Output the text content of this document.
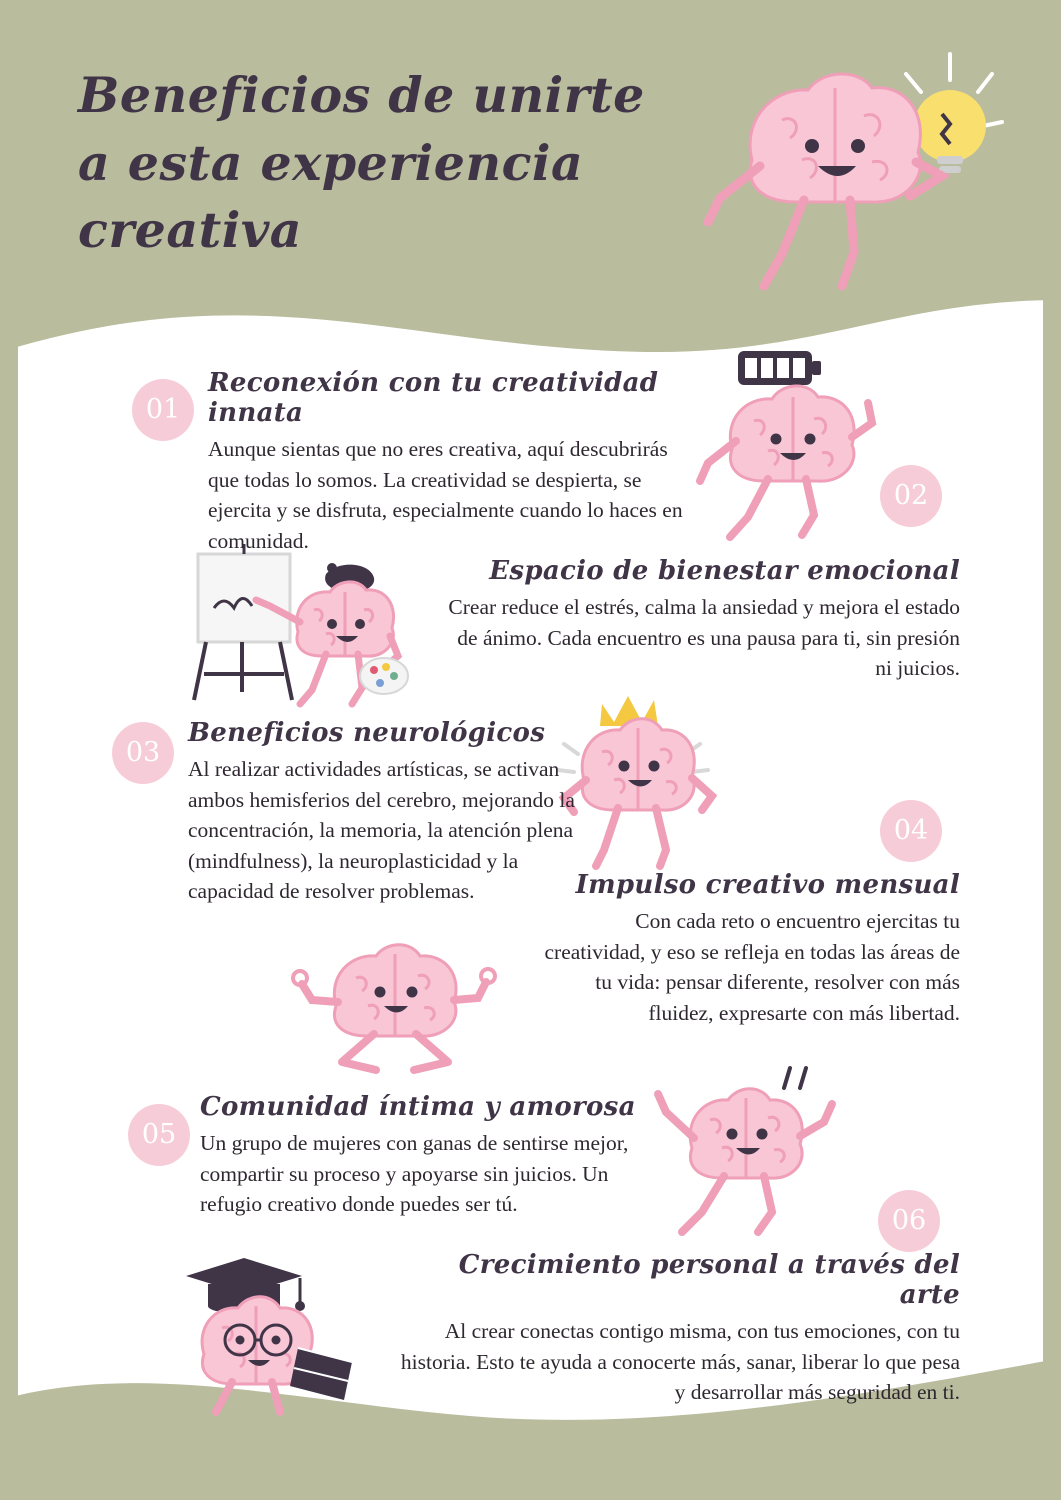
Beneficios de unirte
a esta experiencia
creativa
01
Reconexión con tu creatividad innata
Aunque sientas que no eres creativa, aquí descubrirás que todas lo somos. La creatividad se despierta, se ejercita y se disfruta, especialmente cuando lo haces en comunidad.
02
Espacio de bienestar emocional
Crear reduce el estrés, calma la ansiedad y mejora el estado de ánimo. Cada encuentro es una pausa para ti, sin presión ni juicios.
03
Beneficios neurológicos
Al realizar actividades artísticas, se activan ambos hemisferios del cerebro, mejorando la concentración, la memoria, la atención plena (mindfulness), la neuroplasticidad y la capacidad de resolver problemas.
04
Impulso creativo mensual
Con cada reto o encuentro ejercitas tu creatividad, y eso se refleja en todas las áreas de tu vida: pensar diferente, resolver con más fluidez, expresarte con más libertad.
05
Comunidad íntima y amorosa
Un grupo de mujeres con ganas de sentirse mejor, compartir su proceso y apoyarse sin juicios. Un refugio creativo donde puedes ser tú.
06
Crecimiento personal a través del arte
Al crear conectas contigo misma, con tus emociones, con tu historia. Esto te ayuda a conocerte más, sanar, liberar lo que pesa y desarrollar más seguridad en ti.
